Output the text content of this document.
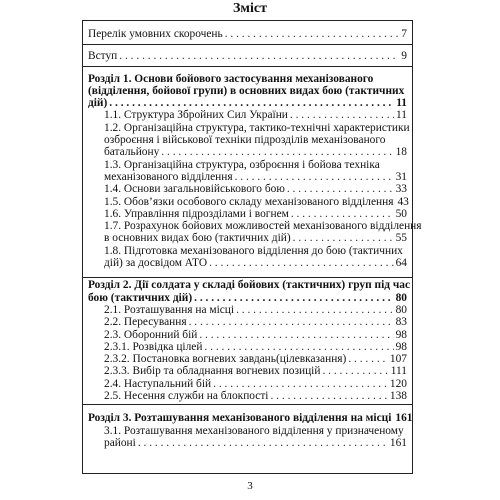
Зміст
Перелік умовних скорочень . . .	7
Вступ . . .	9
Розділ 1. Основи бойового застосування механізованого
(відділення, бойової групи) в основних видах бою (тактичних
дій) . . .	11
1.1. Структура Збройних Сил України . . .	11
1.2. Організаційна структура, тактико-технічні характеристики
озброєння і військової техніки підрозділів механізованого
батальйону . . .	18
1.3. Організаційна структура, озброєння і бойова техніка
механізованого відділення . . .	31
1.4. Основи загальновійськового бою . . .	33
1.5. Обов’язки особового складу механізованого відділення 43
1.6. Управління підрозділами і вогнем . . .	50
1.7. Розрахунок бойових можливостей механізованого відділення
в основних видах бою (тактичних дій) . . .	55
1.8. Підготовка механізованого відділення до бою (тактичних
дій) за досвідом АТО . . .	64
Розділ 2. Дії солдата у складі бойових (тактичних) груп під час
бою (тактичних дій) . . .	80
2.1. Розташування на місці . . .	80
2.2. Пересування . . .	83
2.3. Оборонний бій . . .	98
2.3.1. Розвідка цілей . . .	98
2.3.2. Постановка вогневих завдань(цілевказання) . . .	107
2.3.3. Вибір та обладнання вогневих позицій . . .	111
2.4. Наступальний бій . . .	120
2.5. Несення служби на блокпості . . .	138
Розділ 3. Розташування механізованого відділення на місці 161
3.1. Розташування механізованого відділення у призначеному
районі . . .	161
3
